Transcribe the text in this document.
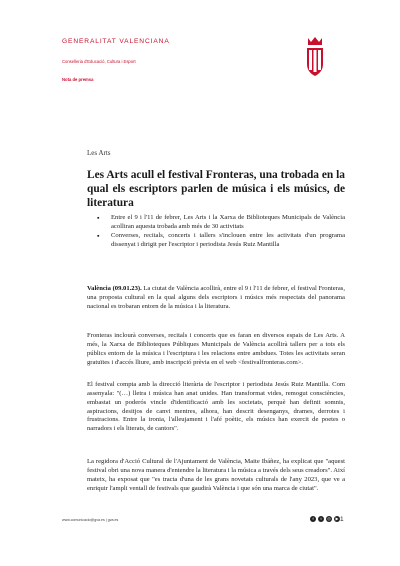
GENERALITAT VALENCIANA
Conselleria d'Educació, Cultura i Esport
Nota de premsa
Les Arts
Les Arts acull el festival Fronteras, una trobada en la qual els escriptors parlen de música i els músics, de literatura
▪ Entre el 9 i l'11 de febrer, Les Arts i la Xarxa de Biblioteques Municipals de València acolliran aquesta trobada amb més de 30 activitats
▪ Converses, recitals, concerts i tallers s'inclouen entre les activitats d'un programa dissenyat i dirigit per l'escriptor i periodista Jesús Ruiz Mantilla

València (09.01.23). La ciutat de València acollirà, entre el 9 i l'11 de febrer, el festival Fronteras, una proposta cultural en la qual alguns dels escriptors i músics més respectats del panorama nacional es trobaran entorn de la música i la literatura.

Fronteras inclourà converses, recitals i concerts que es faran en diversos espais de Les Arts. A més, la Xarxa de Biblioteques Públiques Municipals de València acollirà tallers per a tots els públics entorn de la música i l'escriptura i les relacions entre ambdues. Totes les activitats seran gratuïtes i d'accés lliure, amb inscripció prèvia en el web <festivalfronteras.com>.

El festival compta amb la direcció literària de l'escriptor i periodista Jesús Ruiz Mantilla. Com assenyala: "(…) lletra i música han anat unides. Han transformat vides, remogut consciències, embastat un poderós vincle d'identificació amb les societats, perquè han definit somnis, aspiracions, desitjos de canvi mentres, alhora, han descrit desenganys, drames, derrotes i frustracions. Entre la ironia, l'alleujament i l'afé poètic, els músics han exercit de poetes o narradors i els literats, de cantors".

La regidora d'Acció Cultural de l'Ajuntament de València, Maite Ibáñez, ha explicat que "aquest festival obri una nova manera d'entendre la literatura i la música a través dels seus creadors". Així mateix, ha exposat que "es tracta d'una de les grans novetats culturals de l'any 2023, que ve a enriquir l'ampli ventall de festivals que gaudirà València i que són una marca de ciutat".

www.comunicacio@gva.es | gva.es	f	t	◎	▶ 1
